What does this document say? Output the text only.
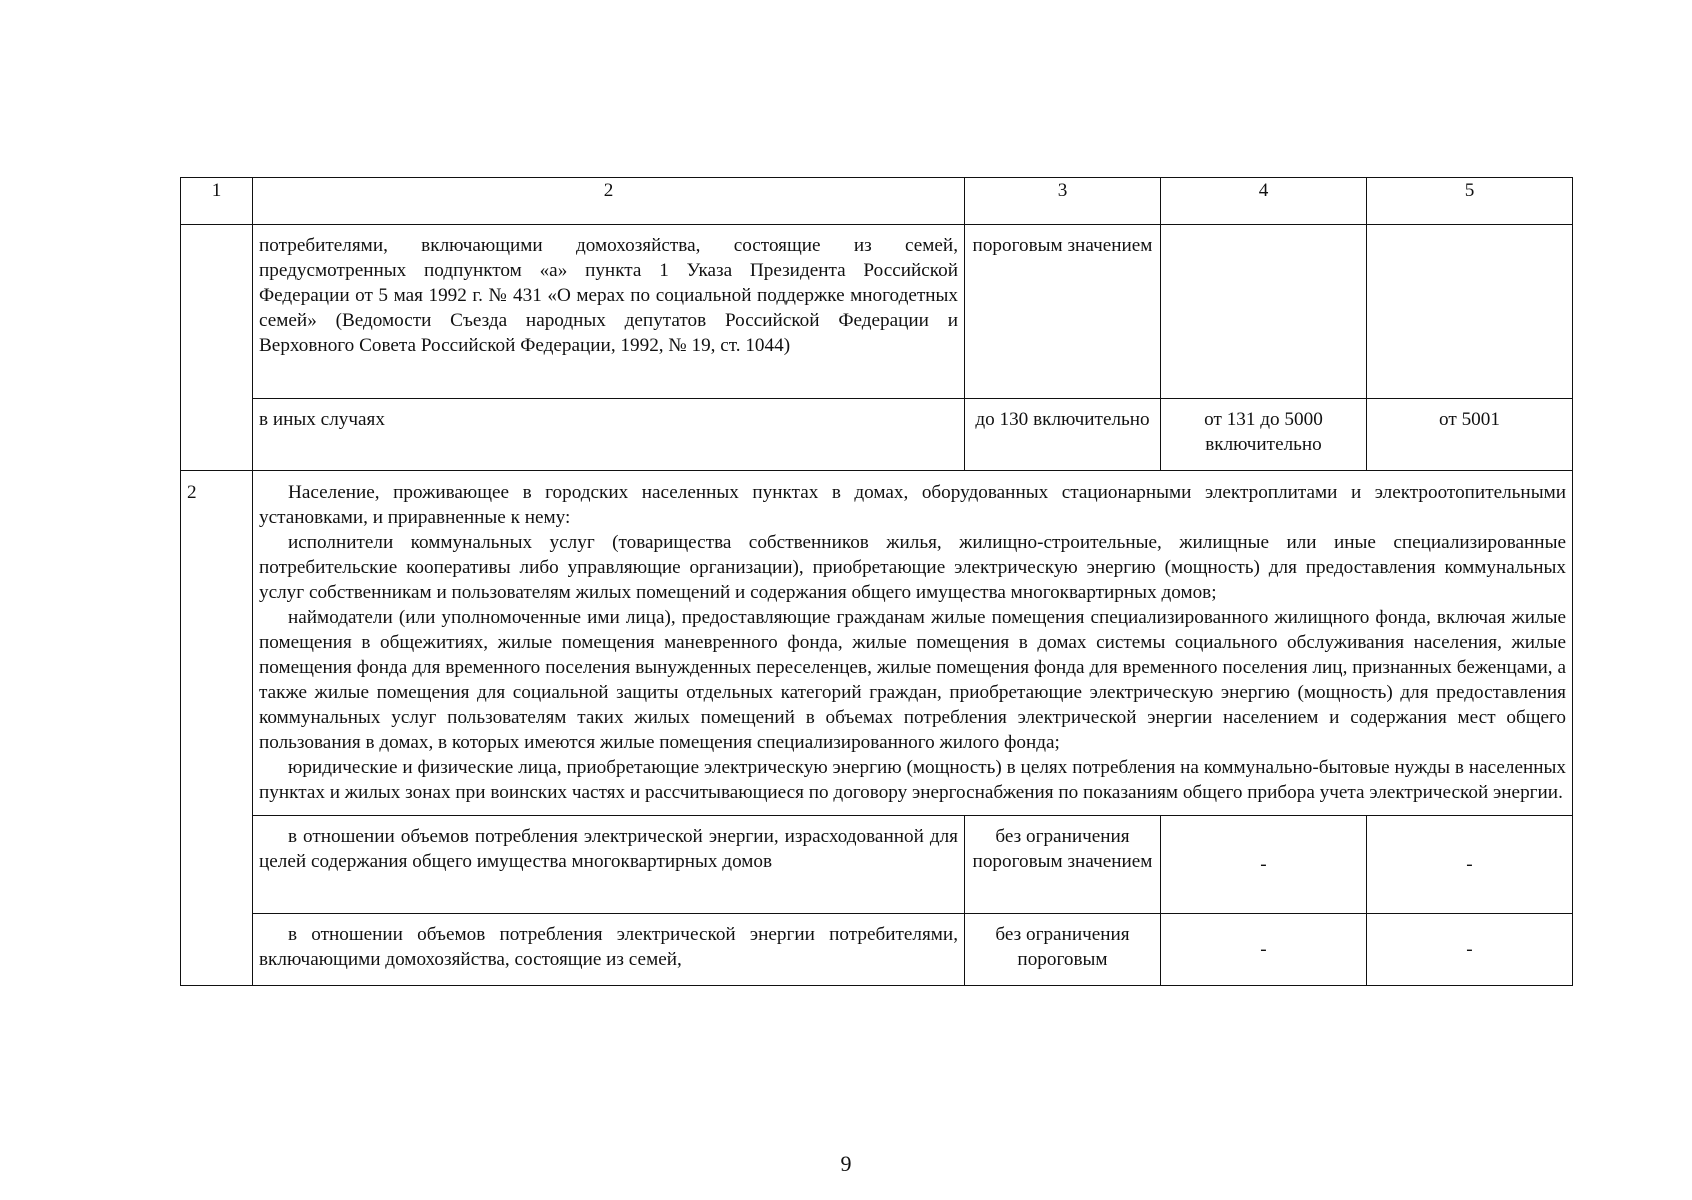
1	2	3	4	5
	потребителями, включающими домохозяйства, состоящие из семей, предусмотренных подпунктом «а» пункта 1 Указа Президента Российской Федерации от 5 мая 1992 г. № 431 «О мерах по социальной поддержке многодетных семей» (Ведомости Съезда народных депутатов Российской Федерации и Верховного Совета Российской Федерации, 1992, № 19, ст. 1044)	пороговым значением		
	в иных случаях	до 130 включительно	от 131 до 5000 включительно	от 5001
2	Население, проживающее в городских населенных пунктах в домах, оборудованных стационарными электроплитами и электроотопительными установками, и приравненные к нему:

исполнители коммунальных услуг (товарищества собственников жилья, жилищно-строительные, жилищные или иные специализированные потребительские кооперативы либо управляющие организации), приобретающие электрическую энергию (мощность) для предоставления коммунальных услуг собственникам и пользователям жилых помещений и содержания общего имущества многоквартирных домов;

наймодатели (или уполномоченные ими лица), предоставляющие гражданам жилые помещения специализированного жилищного фонда, включая жилые помещения в общежитиях, жилые помещения маневренного фонда, жилые помещения в домах системы социального обслуживания населения, жилые помещения фонда для временного поселения вынужденных переселенцев, жилые помещения фонда для временного поселения лиц, признанных беженцами, а также жилые помещения для социальной защиты отдельных категорий граждан, приобретающие электрическую энергию (мощность) для предоставления коммунальных услуг пользователям таких жилых помещений в объемах потребления электрической энергии населением и содержания мест общего пользования в домах, в которых имеются жилые помещения специализированного жилого фонда;

юридические и физические лица, приобретающие электрическую энергию (мощность) в целях потребления на коммунально-бытовые нужды в населенных пунктах и жилых зонах при воинских частях и рассчитывающиеся по договору энергоснабжения по показаниям общего прибора учета электрической энергии.			

	в отношении объемов потребления электрической энергии, израсходованной для целей содержания общего имущества многоквартирных домов	без ограничения пороговым значением	-	-
	в отношении объемов потребления электрической энергии потребителями, включающими домохозяйства, состоящие из семей,	без ограничения пороговым	-	-
9
